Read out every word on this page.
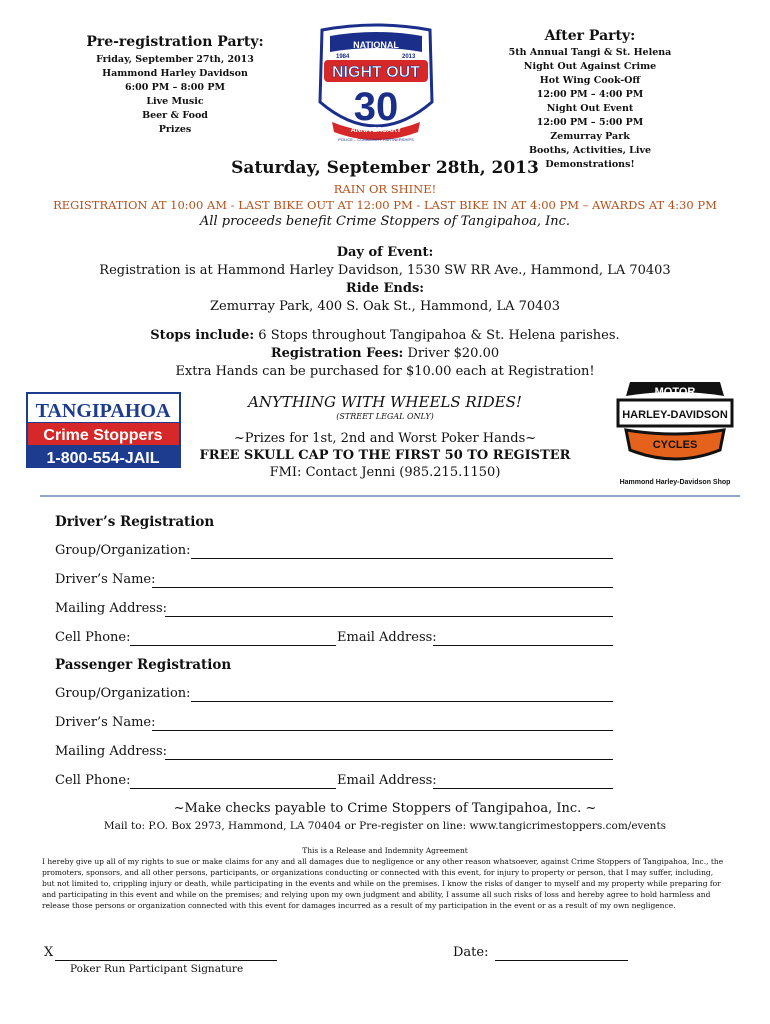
Pre-registration Party:
Friday, September 27th, 2013
Hammond Harley Davidson
6:00 PM – 8:00 PM
Live Music
Beer & Food
Prizes
NATIONAL
1984	2013
NIGHT OUT
30
ANNIVERSARY
POLICE – COMMUNITY PARTNERSHIPS
After Party:
5th Annual Tangi & St. Helena
Night Out Against Crime
Hot Wing Cook-Off
12:00 PM – 4:00 PM
Night Out Event
12:00 PM – 5:00 PM
Zemurray Park
Booths, Activities, Live
Demonstrations!
Saturday, September 28th, 2013
RAIN OR SHINE!
REGISTRATION AT 10:00 AM - LAST BIKE OUT AT 12:00 PM - LAST BIKE IN AT 4:00 PM – AWARDS AT 4:30 PM
All proceeds benefit Crime Stoppers of Tangipahoa, Inc.
Day of Event:
Registration is at Hammond Harley Davidson, 1530 SW RR Ave., Hammond, LA 70403
Ride Ends:
Zemurray Park, 400 S. Oak St., Hammond, LA 70403
Stops include: 6 Stops throughout Tangipahoa & St. Helena parishes.
Registration Fees: Driver $20.00
Extra Hands can be purchased for $10.00 each at Registration!
TANGIPAHOA
Crime Stoppers
1-800-554-JAIL
ANYTHING WITH WHEELS RIDES!
(STREET LEGAL ONLY)
~Prizes for 1st, 2nd and Worst Poker Hands~
FREE SKULL CAP TO THE FIRST 50 TO REGISTER
FMI: Contact Jenni (985.215.1150)
MOTOR
HARLEY-DAVIDSON
CYCLES
Hammond Harley-Davidson Shop
Driver’s Registration
Group/Organization:
Driver’s Name:
Mailing Address:
Cell Phone:	Email Address:
Passenger Registration
Group/Organization:
Driver’s Name:
Mailing Address:
Cell Phone:	Email Address:
~Make checks payable to Crime Stoppers of Tangipahoa, Inc. ~
Mail to: P.O. Box 2973, Hammond, LA 70404 or Pre-register on line: www.tangicrimestoppers.com/events
This is a Release and Indemnity Agreement
I hereby give up all of my rights to sue or make claims for any and all damages due to negligence or any other reason whatsoever, against Crime Stoppers of Tangipahoa, Inc., the promoters, sponsors, and all other persons, participants, or organizations conducting or connected with this event, for injury to property or person, that I may suffer, including, but not limited to, crippling injury or death, while participating in the events and while on the premises. I know the risks of danger to myself and my property while preparing for and participating in this event and while on the premises; and relying upon my own judgment and ability, I assume all such risks of loss and hereby agree to hold harmless and release those persons or organization connected with this event for damages incurred as a result of my participation in the event or as a result of my own negligence.
X
Poker Run Participant Signature
Date:
